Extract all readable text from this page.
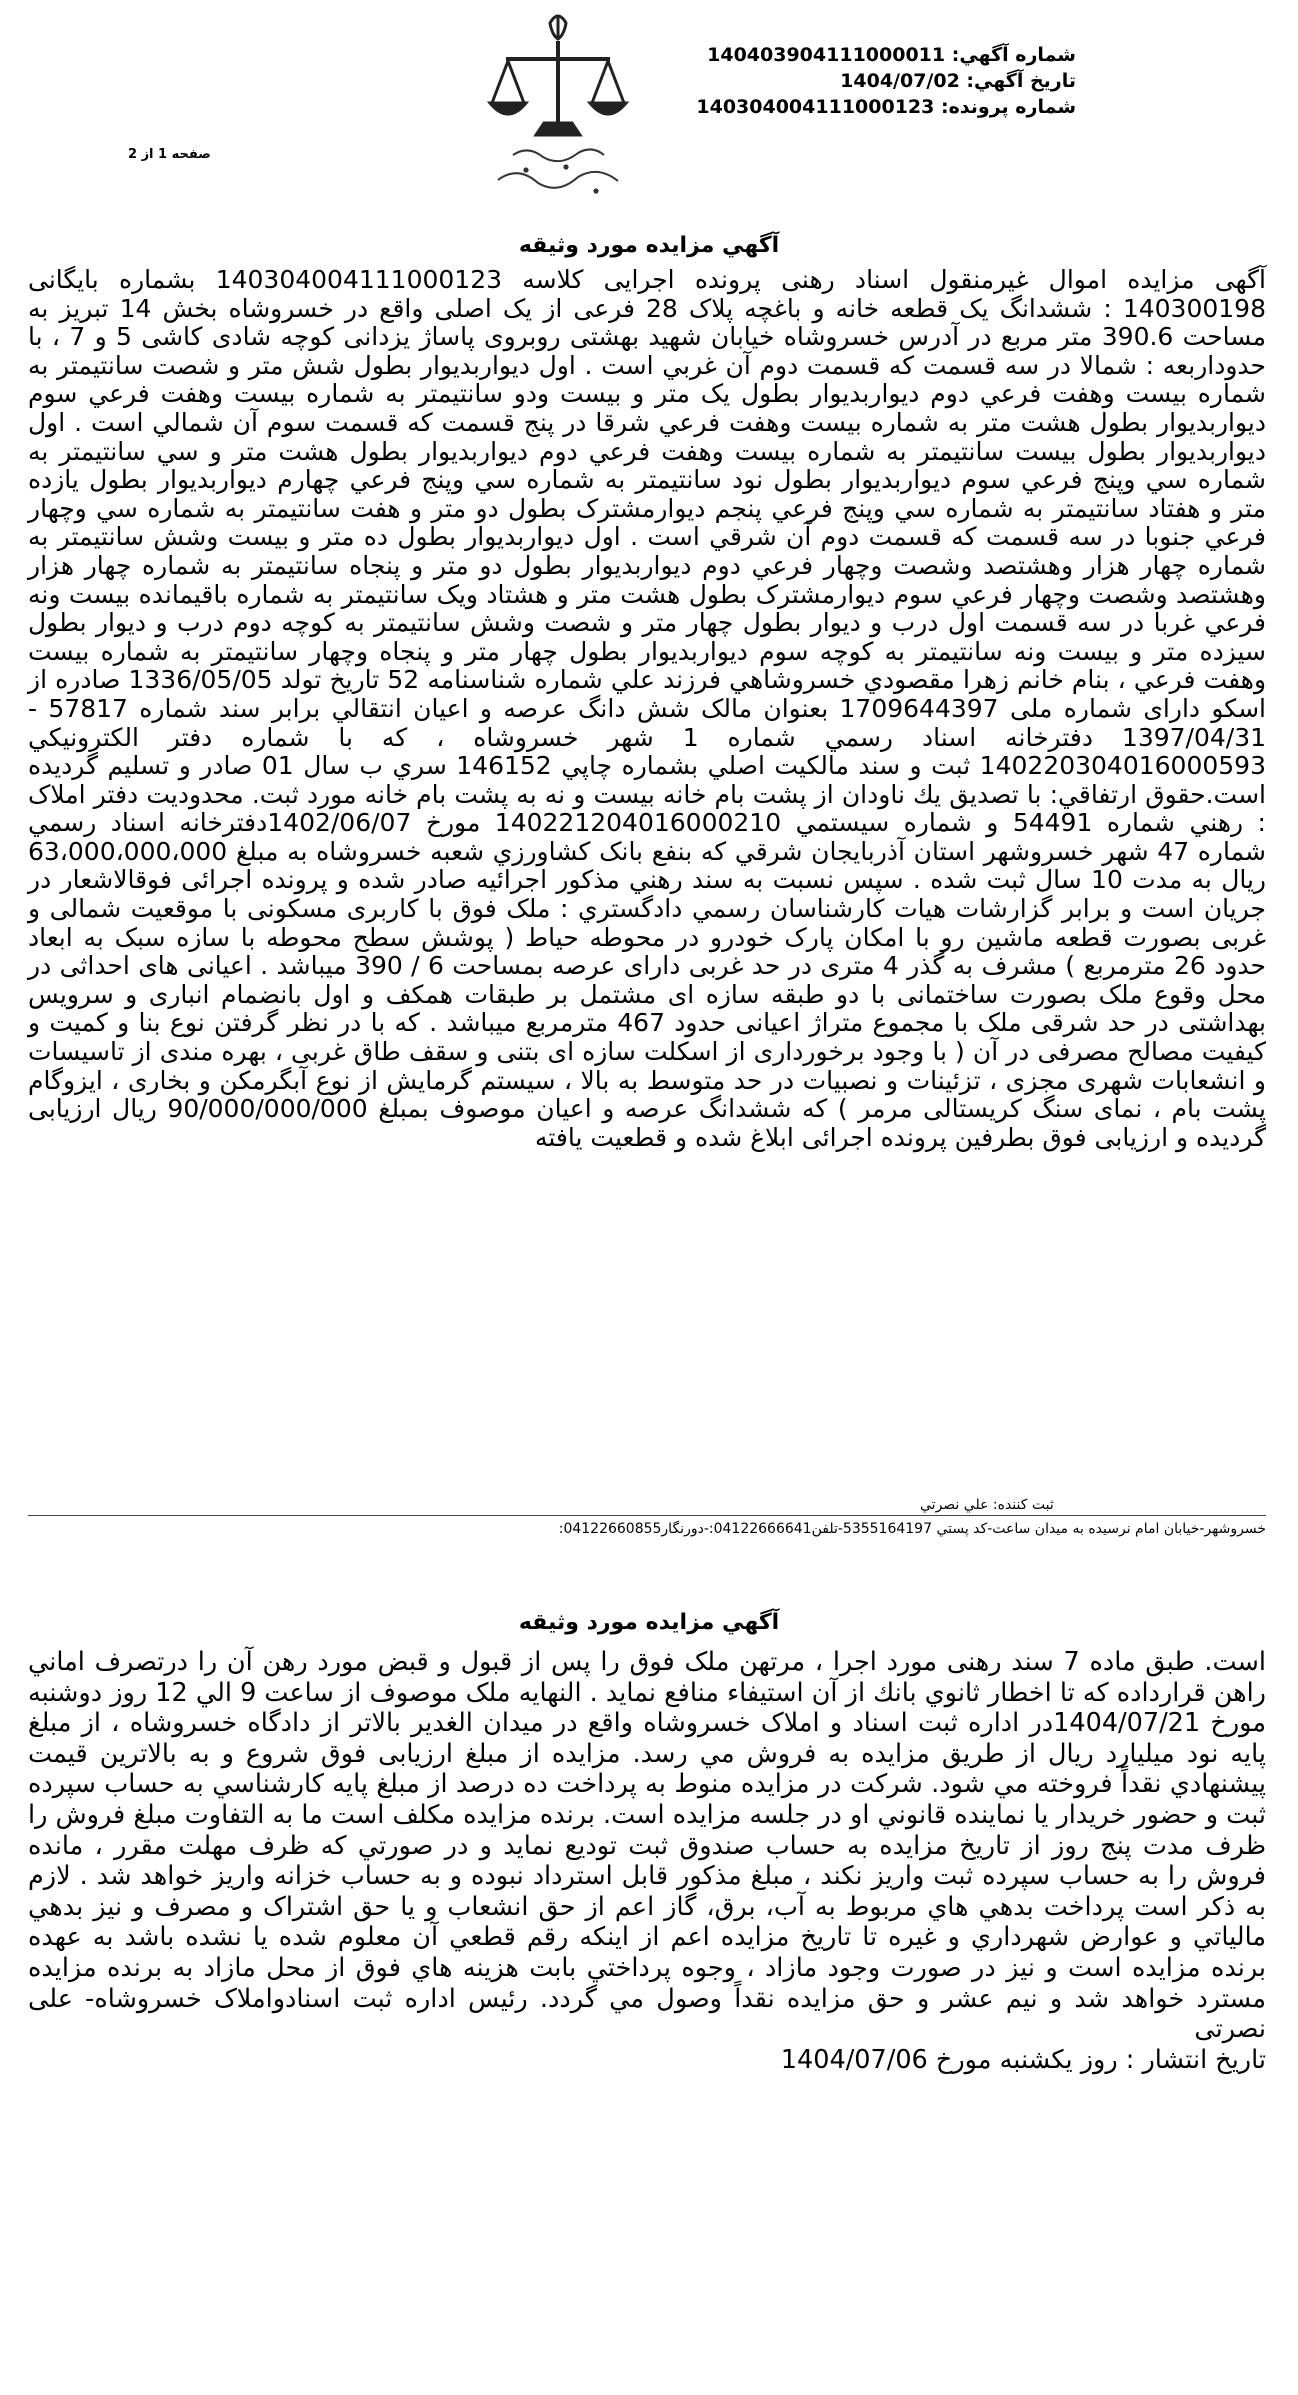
شماره آگهي: 140403904111000011
تاريخ آگهي: 1404/07/02
شماره پرونده: 140304004111000123
صفحه 1 از 2
آگهي مزايده مورد وثيقه
آگهی مزایده اموال غیرمنقول اسناد رهنی پرونده اجرایی کلاسه 140304004111000123 بشماره بایگانی 140300198 : ششدانگ یک قطعه خانه و باغچه پلاک 28 فرعی از یک اصلی واقع در خسروشاه بخش 14 تبریز به مساحت 390.6 متر مربع در آدرس خسروشاه خیابان شهید بهشتی روبروی پاساژ یزدانی کوچه شادی کاشی 5 و 7 ، با حدوداربعه : شمالا در سه قسمت که قسمت دوم آن غربي است . اول ديواربديوار بطول شش متر و شصت سانتيمتر به شماره بيست وهفت فرعي دوم ديواربديوار بطول يک متر و بيست ودو سانتيمتر به شماره بيست وهفت فرعي سوم ديواربديوار بطول هشت متر به شماره بيست وهفت فرعي شرقا در پنج قسمت که قسمت سوم آن شمالي است . اول ديواربديوار بطول بيست سانتيمتر به شماره بيست وهفت فرعي دوم ديواربديوار بطول هشت متر و سي سانتيمتر به شماره سي وپنج فرعي سوم ديواربديوار بطول نود سانتيمتر به شماره سي وپنج فرعي چهارم ديواربديوار بطول يازده متر و هفتاد سانتيمتر به شماره سي وپنج فرعي پنجم ديوارمشترک بطول دو متر و هفت سانتيمتر به شماره سي وچهار فرعي جنوبا در سه قسمت که قسمت دوم آن شرقي است . اول ديواربديوار بطول ده متر و بيست وشش سانتيمتر به شماره چهار هزار وهشتصد وشصت وچهار فرعي دوم ديواربديوار بطول دو متر و پنجاه سانتيمتر به شماره چهار هزار وهشتصد وشصت وچهار فرعي سوم ديوارمشترک بطول هشت متر و هشتاد ويک سانتيمتر به شماره باقيمانده بيست ونه فرعي غربا در سه قسمت اول درب و ديوار بطول چهار متر و شصت وشش سانتيمتر به کوچه دوم درب و ديوار بطول سيزده متر و بيست ونه سانتيمتر به کوچه سوم ديواربديوار بطول چهار متر و پنجاه وچهار سانتيمتر به شماره بيست وهفت فرعي ، بنام خانم زهرا مقصودي خسروشاهي فرزند علي شماره شناسنامه 52 تاريخ تولد 1336/05/05 صادره از اسکو دارای شماره ملی 1709644397 بعنوان مالک شش دانگ عرصه و اعيان انتقالي برابر سند شماره 57817 - 1397/04/31 دفترخانه اسناد رسمي شماره 1 شهر خسروشاه ، که با شماره دفتر الکترونيکي 140220304016000593 ثبت و سند مالکيت اصلي بشماره چاپي 146152 سري ب سال 01 صادر و تسليم گرديده است.حقوق ارتفاقي: با تصديق يك ناودان از پشت بام خانه بيست و نه به پشت بام خانه مورد ثبت. محدوديت دفتر املاک : رهني شماره 54491 و شماره سيستمي 140221204016000210 مورخ 1402/06/07دفترخانه اسناد رسمي شماره 47 شهر خسروشهر استان آذربايجان شرقي که بنفع بانک کشاورزي شعبه خسروشاه به مبلغ 63،000،000،000 ريال به مدت 10 سال ثبت شده . سپس نسبت به سند رهني مذکور اجرائيه صادر شده و پرونده اجرائی فوقالاشعار در جريان است و برابر گزارشات هيات کارشناسان رسمي دادگستري : ملک فوق با کاربری مسکونی با موقعیت شمالی و غربی بصورت قطعه ماشین رو با امکان پارک خودرو در محوطه حیاط ( پوشش سطح محوطه با سازه سبک به ابعاد حدود 26 مترمربع ) مشرف به گذر 4 متری در حد غربی دارای عرصه بمساحت 6 / 390 میباشد . اعیانی های احداثی در محل وقوع ملک بصورت ساختمانی با دو طبقه سازه ای مشتمل بر طبقات همکف و اول بانضمام انباری و سرویس بهداشتی در حد شرقی ملک با مجموع متراژ اعیانی حدود 467 مترمربع میباشد . که با در نظر گرفتن نوع بنا و کمیت و کیفیت مصالح مصرفی در آن ( با وجود برخورداری از اسکلت سازه ای بتنی و سقف طاق غربی ، بهره مندی از تاسیسات و انشعابات شهری مجزی ، تزئینات و نصبیات در حد متوسط به بالا ، سیستم گرمایش از نوع آبگرمکن و بخاری ، ایزوگام پشت بام ، نمای سنگ کریستالی مرمر ) که ششدانگ عرصه و اعیان موصوف بمبلغ 90/000/000/000 ريال ارزيابی گرديده و ارزيابی فوق بطرفين پرونده اجرائی ابلاغ شده و قطعيت يافته
ثبت کننده: علي نصرتي
خسروشهر-خيابان امام نرسيده به ميدان ساعت-کد پستي 5355164197-تلفن04122666641:-دورنگار04122660855:
آگهي مزايده مورد وثيقه
است. طبق ماده 7 سند رهنی مورد اجرا ، مرتهن ملک فوق را پس از قبول و قبض مورد رهن آن را درتصرف اماني راهن قرارداده که تا اخطار ثانوي بانك از آن استيفاء منافع نمايد . النهايه ملک موصوف از ساعت 9 الي 12 روز دوشنبه مورخ 1404/07/21در اداره ثبت اسناد و املاک خسروشاه واقع در ميدان الغدير بالاتر از دادگاه خسروشاه ، از مبلغ پايه نود ميليارد ريال از طريق مزايده به فروش مي رسد. مزايده از مبلغ ارزيابی فوق شروع و به بالاترين قيمت پيشنهادي نقداً فروخته مي شود. شرکت در مزايده منوط به پرداخت ده درصد از مبلغ پايه کارشناسي به حساب سپرده ثبت و حضور خريدار يا نماينده قانوني او در جلسه مزايده است. برنده مزايده مکلف است ما به التفاوت مبلغ فروش را ظرف مدت پنج روز از تاريخ مزايده به حساب صندوق ثبت توديع نمايد و در صورتي که ظرف مهلت مقرر ، مانده فروش را به حساب سپرده ثبت واريز نکند ، مبلغ مذکور قابل استرداد نبوده و به حساب خزانه واريز خواهد شد . لازم به ذکر است پرداخت بدهي هاي مربوط به آب، برق، گاز اعم از حق انشعاب و يا حق اشتراک و مصرف و نيز بدهي مالياتي و عوارض شهرداري و غيره تا تاريخ مزايده اعم از اينکه رقم قطعي آن معلوم شده يا نشده باشد به عهده برنده مزايده است و نيز در صورت وجود مازاد ، وجوه پرداختي بابت هزينه هاي فوق از محل مازاد به برنده مزايده مسترد خواهد شد و نيم عشر و حق مزايده نقداً وصول مي گردد. رئيس اداره ثبت اسنادواملاک خسروشاه- علی نصرتی
تاريخ انتشار : روز يکشنبه مورخ 1404/07/06
